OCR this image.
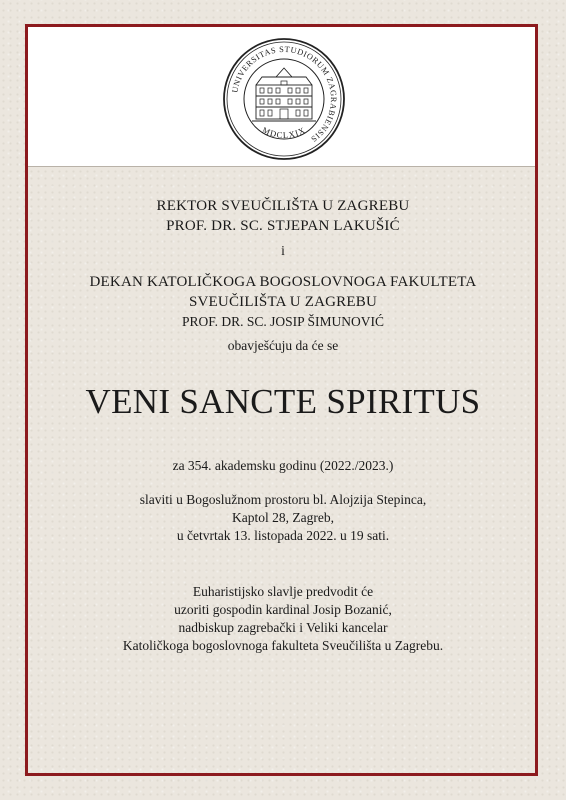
UNIVERSITAS STUDIORUM ZAGRABIENSIS
MDCLXIX
REKTOR SVEUČILIŠTA U ZAGREBU
PROF. DR. SC. STJEPAN LAKUŠIĆ
i
DEKAN KATOLIČKOGA BOGOSLOVNOGA FAKULTETA
SVEUČILIŠTA U ZAGREBU
PROF. DR. SC. JOSIP ŠIMUNOVIĆ
obavješćuju da će se
VENI SANCTE SPIRITUS
za 354. akademsku godinu (2022./2023.)
slaviti u Bogoslužnom prostoru bl. Alojzija Stepinca,
Kaptol 28, Zagreb,
u četvrtak 13. listopada 2022. u 19 sati.
Euharistijsko slavlje predvodit će
uzoriti gospodin kardinal Josip Bozanić,
nadbiskup zagrebački i Veliki kancelar
Katoličkoga bogoslovnoga fakulteta Sveučilišta u Zagrebu.
